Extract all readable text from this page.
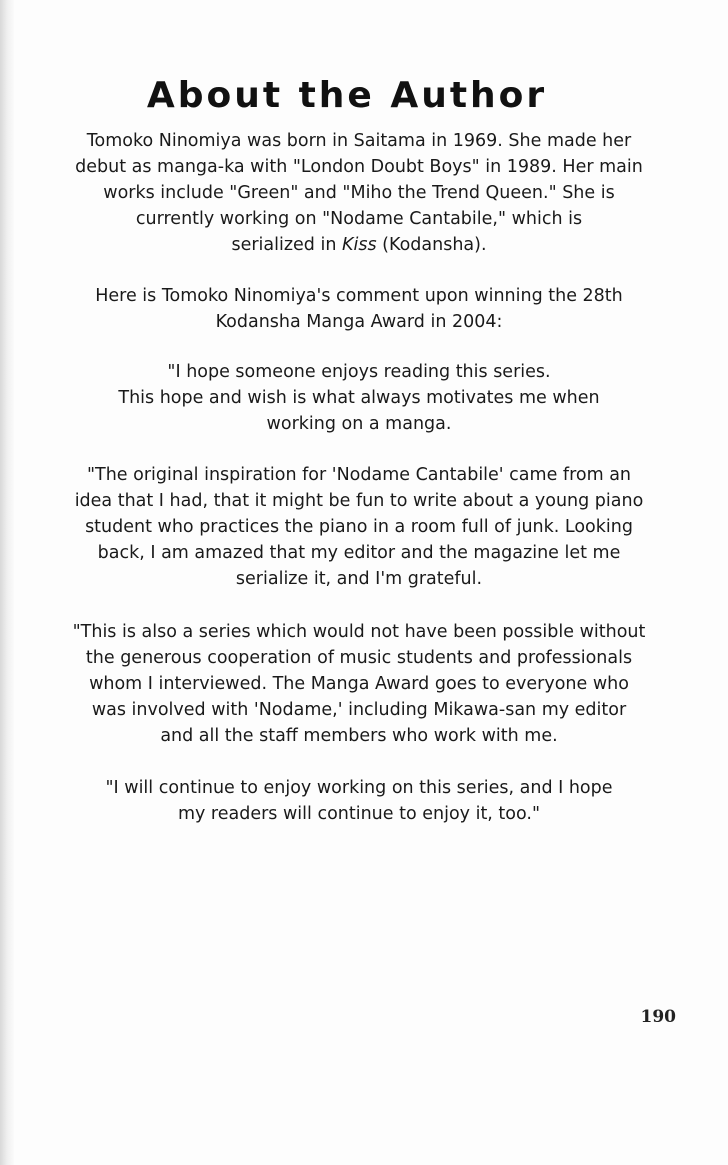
About the Author

Tomoko Ninomiya was born in Saitama in 1969. She made her
debut as manga-ka with "London Doubt Boys" in 1989. Her main
works include "Green" and "Miho the Trend Queen." She is
currently working on "Nodame Cantabile," which is
serialized in Kiss (Kodansha).

Here is Tomoko Ninomiya's comment upon winning the 28th
Kodansha Manga Award in 2004:

"I hope someone enjoys reading this series.
This hope and wish is what always motivates me when
working on a manga.

"The original inspiration for 'Nodame Cantabile' came from an
idea that I had, that it might be fun to write about a young piano
student who practices the piano in a room full of junk. Looking
back, I am amazed that my editor and the magazine let me
serialize it, and I'm grateful.

"This is also a series which would not have been possible without
the generous cooperation of music students and professionals
whom I interviewed. The Manga Award goes to everyone who
was involved with 'Nodame,' including Mikawa-san my editor
and all the staff members who work with me.

"I will continue to enjoy working on this series, and I hope
my readers will continue to enjoy it, too."

190
